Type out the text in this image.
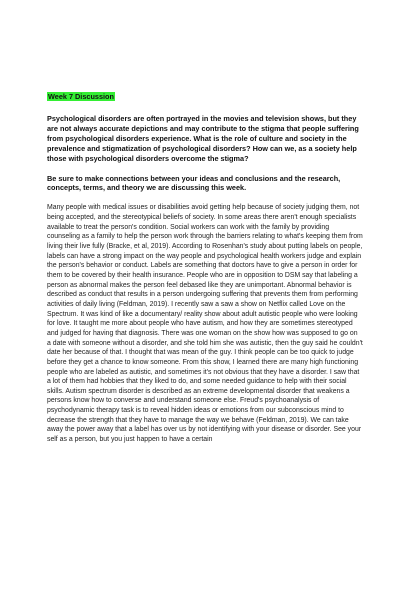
Week 7 Discussion

Psychological disorders are often portrayed in the movies and television shows, but they are not always accurate depictions and may contribute to the stigma that people suffering from psychological disorders experience. What is the role of culture and society in the prevalence and stigmatization of psychological disorders? How can we, as a society help those with psychological disorders overcome the stigma?

Be sure to make connections between your ideas and conclusions and the research, concepts, terms, and theory we are discussing this week.

Many people with medical issues or disabilities avoid getting help because of society judging them, not being accepted, and the stereotypical beliefs of society. In some areas there aren't enough specialists available to treat the person's condition. Social workers can work with the family by providing counseling as a family to help the person work through the barriers relating to what's keeping them from living their live fully (Bracke, et al, 2019). According to Rosenhan's study about putting labels on people, labels can have a strong impact on the way people and psychological health workers judge and explain the person's behavior or conduct. Labels are something that doctors have to give a person in order for them to be covered by their health insurance. People who are in opposition to DSM say that labeling a person as abnormal makes the person feel debased like they are unimportant. Abnormal behavior is described as conduct that results in a person undergoing suffering that prevents them from performing activities of daily living (Feldman, 2019). I recently saw a saw a show on Netflix called Love on the Spectrum. It was kind of like a documentary/ reality show about adult autistic people who were looking for love. It taught me more about people who have autism, and how they are sometimes stereotyped and judged for having that diagnosis. There was one woman on the show how was supposed to go on a date with someone without a disorder, and she told him she was autistic, then the guy said he couldn't date her because of that. I thought that was mean of the guy. I think people can be too quick to judge before they get a chance to know someone. From this show, I learned there are many high functioning people who are labeled as autistic, and sometimes it's not obvious that they have a disorder. I saw that a lot of them had hobbies that they liked to do, and some needed guidance to help with their social skills. Autism spectrum disorder is described as an extreme developmental disorder that weakens a persons know how to converse and understand someone else. Freud's psychoanalysis of psychodynamic therapy task is to reveal hidden ideas or emotions from our subconscious mind to decrease the strength that they have to manage the way we behave (Feldman, 2019). We can take away the power away that a label has over us by not identifying with your disease or disorder. See your self as a person, but you just happen to have a certain
